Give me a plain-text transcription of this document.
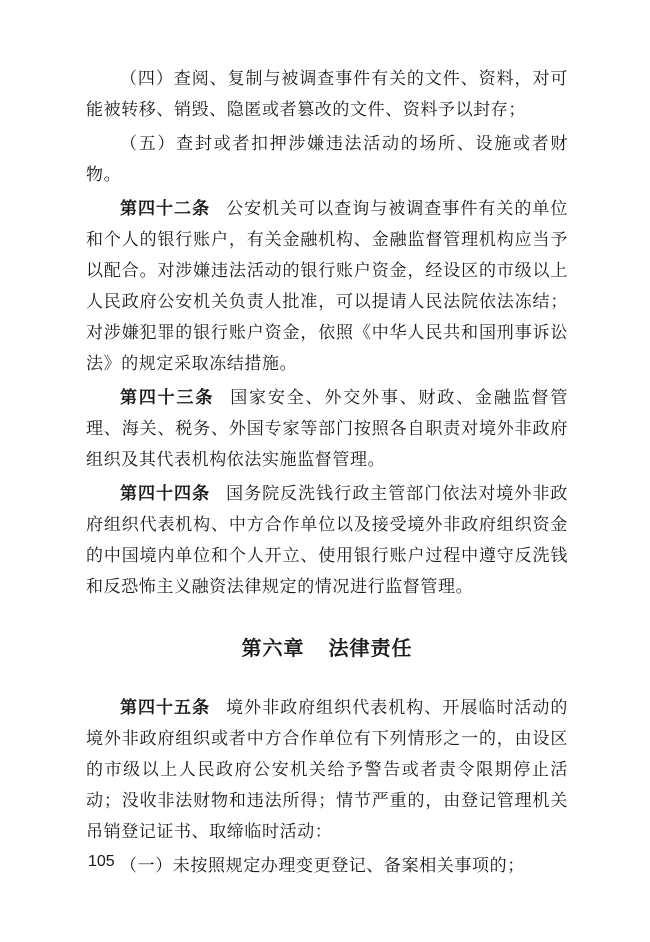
（四）查阅、复制与被调查事件有关的文件、资料，对可能被转移、销毁、隐匿或者篡改的文件、资料予以封存；

（五）查封或者扣押涉嫌违法活动的场所、设施或者财物。

第四十二条 公安机关可以查询与被调查事件有关的单位和个人的银行账户，有关金融机构、金融监督管理机构应当予以配合。对涉嫌违法活动的银行账户资金，经设区的市级以上人民政府公安机关负责人批准，可以提请人民法院依法冻结；对涉嫌犯罪的银行账户资金，依照《中华人民共和国刑事诉讼法》的规定采取冻结措施。

第四十三条 国家安全、外交外事、财政、金融监督管理、海关、税务、外国专家等部门按照各自职责对境外非政府组织及其代表机构依法实施监督管理。

第四十四条 国务院反洗钱行政主管部门依法对境外非政府组织代表机构、中方合作单位以及接受境外非政府组织资金的中国境内单位和个人开立、使用银行账户过程中遵守反洗钱和反恐怖主义融资法律规定的情况进行监督管理。

第六章 法律责任

第四十五条 境外非政府组织代表机构、开展临时活动的境外非政府组织或者中方合作单位有下列情形之一的，由设区的市级以上人民政府公安机关给予警告或者责令限期停止活动；没收非法财物和违法所得；情节严重的，由登记管理机关吊销登记证书、取缔临时活动：

（一）未按照规定办理变更登记、备案相关事项的；

105
